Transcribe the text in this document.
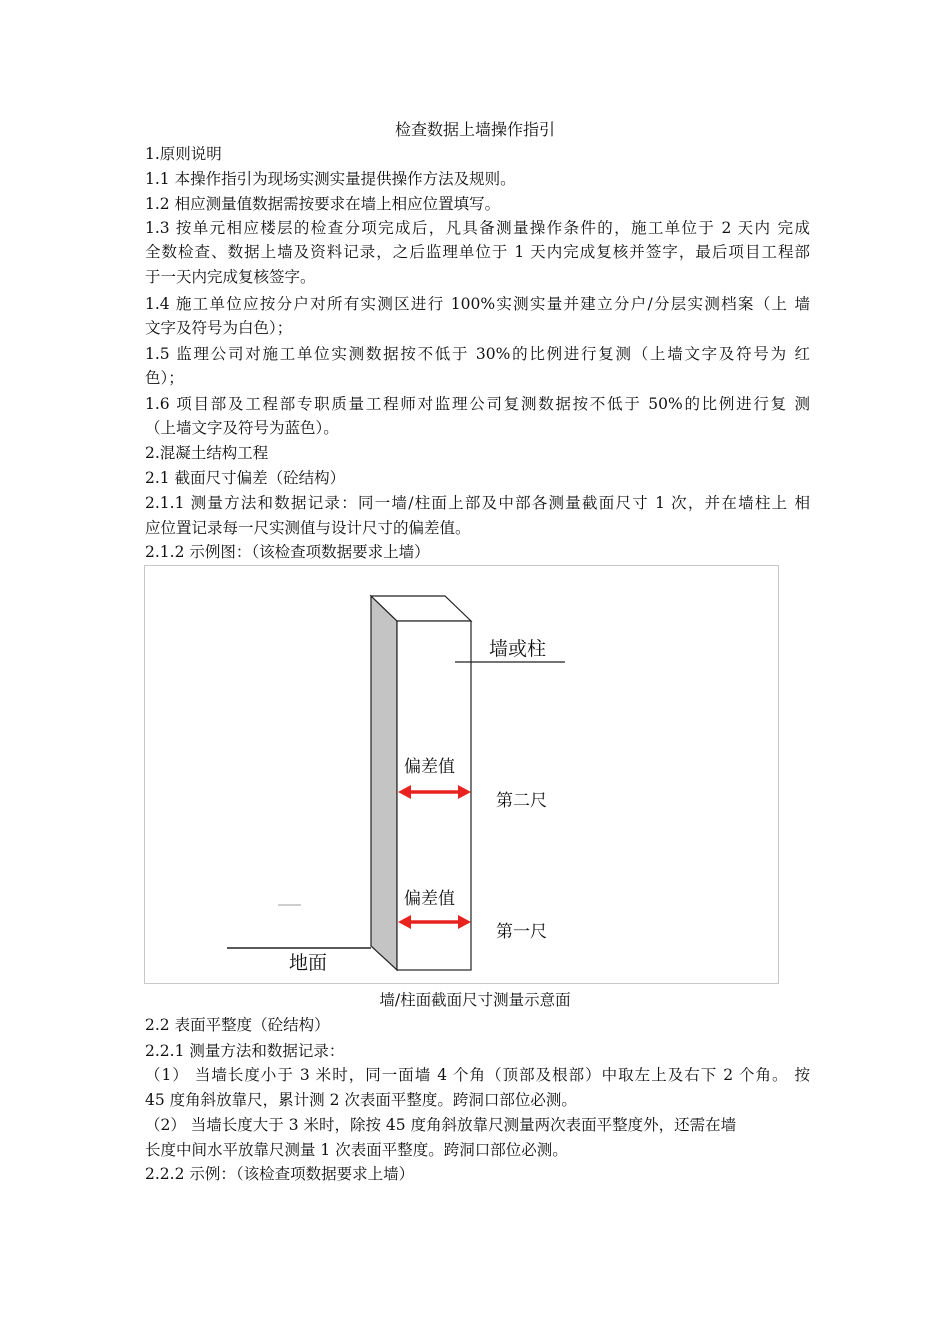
检查数据上墙操作指引
1.原则说明
1.1 本操作指引为现场实测实量提供操作方法及规则。
1.2 相应测量值数据需按要求在墙上相应位置填写。
1.3 按单元相应楼层的检查分项完成后，凡具备测量操作条件的，施工单位于 2 天内 完成
全数检查、数据上墙及资料记录，之后监理单位于 1 天内完成复核并签字，最后项目工程部
于一天内完成复核签字。
1.4 施工单位应按分户对所有实测区进行 100%实测实量并建立分户/分层实测档案（上 墙
文字及符号为白色）；
1.5 监理公司对施工单位实测数据按不低于 30%的比例进行复测（上墙文字及符号为 红
色）；
1.6 项目部及工程部专职质量工程师对监理公司复测数据按不低于 50%的比例进行复 测
（上墙文字及符号为蓝色）。
2.混凝土结构工程
2.1 截面尺寸偏差（砼结构）
2.1.1 测量方法和数据记录：同一墙/柱面上部及中部各测量截面尺寸 1 次，并在墙柱上 相
应位置记录每一尺实测值与设计尺寸的偏差值。
2.1.2 示例图：（该检查项数据要求上墙）
墙或柱
偏差值
第二尺
偏差值
第一尺
地面
墙/柱面截面尺寸测量示意面
2.2 表面平整度（砼结构）
2.2.1 测量方法和数据记录：
（1） 当墙长度小于 3 米时，同一面墙 4 个角（顶部及根部）中取左上及右下 2 个角。 按
45 度角斜放靠尺，累计测 2 次表面平整度。跨洞口部位必测。
（2） 当墙长度大于 3 米时，除按 45 度角斜放靠尺测量两次表面平整度外，还需在墙
长度中间水平放靠尺测量 1 次表面平整度。跨洞口部位必测。
2.2.2 示例：（该检查项数据要求上墙）
